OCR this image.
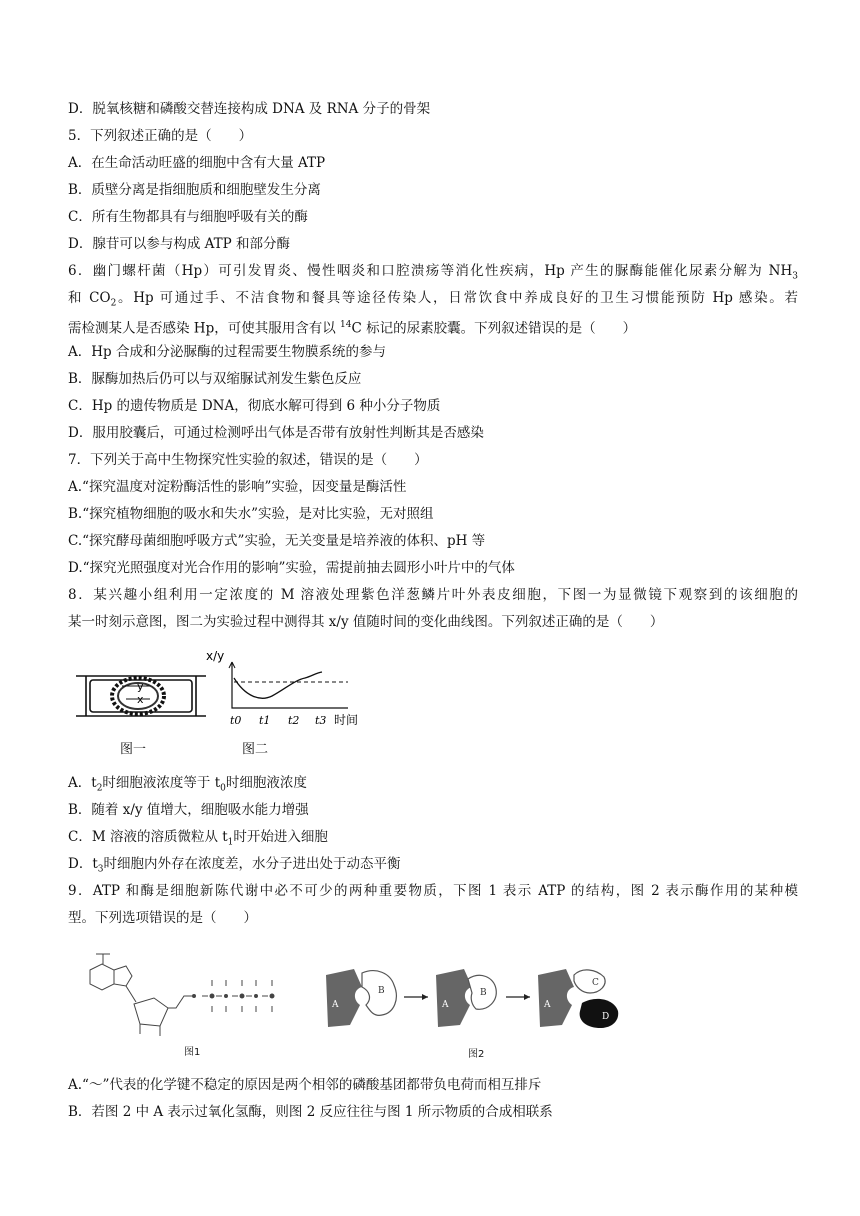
D．脱氧核糖和磷酸交替连接构成 DNA 及 RNA 分子的骨架
5．下列叙述正确的是（　　）
A．在生命活动旺盛的细胞中含有大量 ATP
B．质壁分离是指细胞质和细胞壁发生分离
C．所有生物都具有与细胞呼吸有关的酶
D．腺苷可以参与构成 ATP 和部分酶
6．幽门螺杆菌（Hp）可引发胃炎、慢性咽炎和口腔溃疡等消化性疾病，Hp 产生的脲酶能催化尿素分解为 $NH_3$
和 $CO_2$。Hp 可通过手、不洁食物和餐具等途径传染人，日常饮食中养成良好的卫生习惯能预防 Hp 感染。若
需检测某人是否感染 Hp，可使其服用含有以 $^{14}$C 标记的尿素胶囊。下列叙述错误的是（　　）
A．Hp 合成和分泌脲酶的过程需要生物膜系统的参与
B．脲酶加热后仍可以与双缩脲试剂发生紫色反应
C．Hp 的遗传物质是 DNA，彻底水解可得到 6 种小分子物质
D．服用胶囊后，可通过检测呼出气体是否带有放射性判断其是否感染
7．下列关于高中生物探究性实验的叙述，错误的是（　　）
A.“探究温度对淀粉酶活性的影响”实验，因变量是酶活性
B.“探究植物细胞的吸水和失水”实验，是对比实验，无对照组
C.“探究酵母菌细胞呼吸方式”实验，无关变量是培养液的体积、pH 等
D.“探究光照强度对光合作用的影响”实验，需提前抽去圆形小叶片中的气体
8．某兴趣小组利用一定浓度的 M 溶液处理紫色洋葱鳞片叶外表皮细胞，下图一为显微镜下观察到的该细胞的
某一时刻示意图，图二为实验过程中测得其 x/y 值随时间的变化曲线图。下列叙述正确的是（　　）
y
x
图一
x/y
t0 t1 t2 t3 时间
图二
A．$t_2$时细胞液浓度等于 $t_0$时细胞液浓度
B．随着 x/y 值增大，细胞吸水能力增强
C．M 溶液的溶质微粒从 $t_1$时开始进入细胞
D．$t_3$时细胞内外存在浓度差，水分子进出处于动态平衡
9．ATP 和酶是细胞新陈代谢中必不可少的两种重要物质，下图 1 表示 ATP 的结构，图 2 表示酶作用的某种模
型。下列选项错误的是（　　）
图1
A
B
A
B
A
C
D
图2
A.“～”代表的化学键不稳定的原因是两个相邻的磷酸基团都带负电荷而相互排斥
B．若图 2 中 A 表示过氧化氢酶，则图 2 反应往往与图 1 所示物质的合成相联系
